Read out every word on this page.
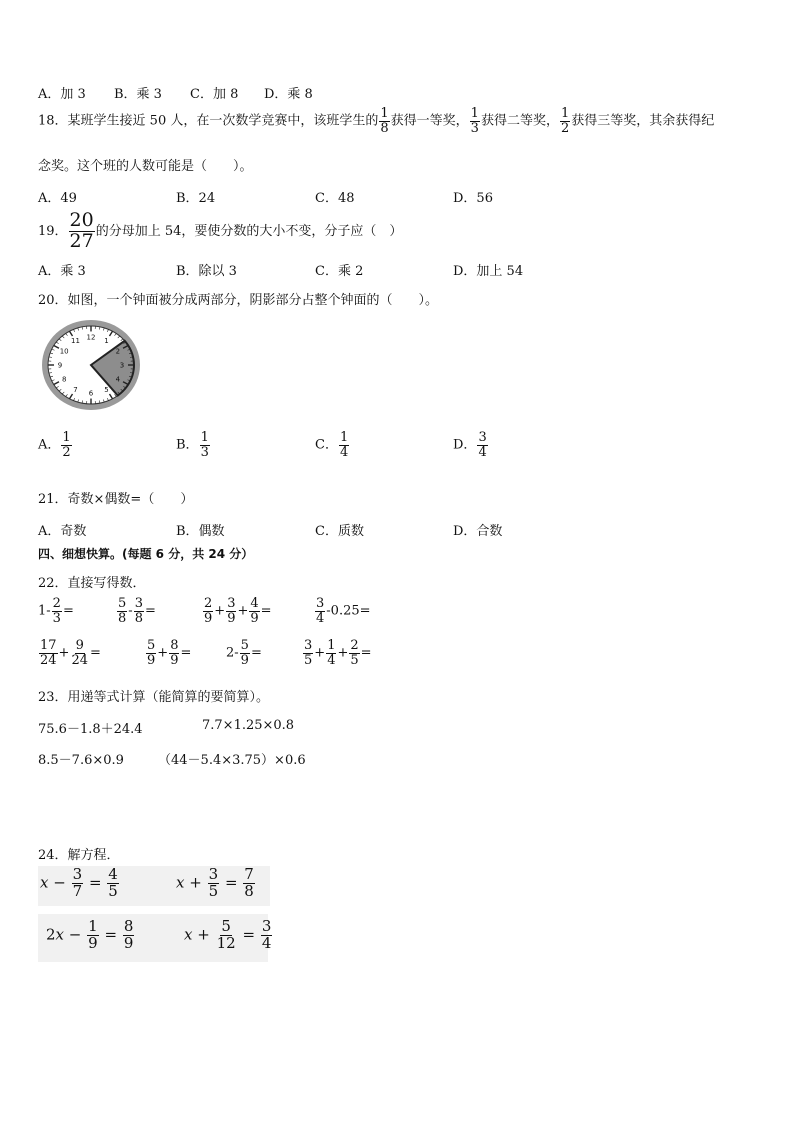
A．加 3 B．乘 3 C．加 8 D．乘 8
18．某班学生接近 50 人，在一次数学竞赛中，该班学生的 $\frac{1}{8}$ 获得一等奖， $\frac{1}{3}$ 获得二等奖， $\frac{1}{2}$ 获得三等奖，其余获得纪
念奖。这个班的人数可能是（　　）。
A．49	B．24	C．48	D．56
19． $\frac{20}{27}$ 的分母加上 54，要使分数的大小不变，分子应（　）
A．乘 3	B．除以 3	C．乘 2	D．加上 54
20．如图，一个钟面被分成两部分，阴影部分占整个钟面的（　　）。
12 1
2
3
4
5
6
7
8
9
10
11
A． $\frac{1}{2}$	B． $\frac{1}{3}$	C． $\frac{1}{4}$	D． $\frac{3}{4}$
21．奇数×偶数=（　　）
A．奇数	B．偶数	C．质数	D．合数
四、细想快算。(每题 6 分，共 24 分）
22．直接写得数．
$1- \frac{2}{3}$ =	$\frac{5}{8} - \frac{3}{8}$ =	$\frac{2}{9} + \frac{3}{9} + \frac{4}{9}$ =	$\frac{3}{4} -0.25=$
$\frac{17}{24} + \frac{9}{24}$ =	$\frac{5}{9} + \frac{8}{9}$ =	$2- \frac{5}{9}$ =	$\frac{3}{5} + \frac{1}{4} + \frac{2}{5}$ =
23．用递等式计算（能简算的要简算）。
75.6－1.8＋24.4	7.7×1.25×0.8
8.5－7.6×0.9	（44－5.4×3.75）×0.6
24．解方程．
$x - \frac{3}{7} = \frac{4}{5}$	$x + \frac{3}{5} = \frac{7}{8}$
$2x - \frac{1}{9} = \frac{8}{9}$	$x + \frac{5}{12} = \frac{3}{4}$
